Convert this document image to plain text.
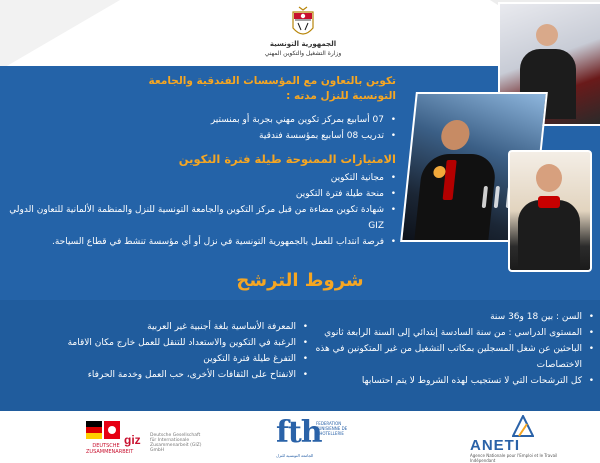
الجمهورية التونسية
وزارة التشغيل والتكوين المهني
تكوين بالتعاون مع المؤسسات الفندقية والجامعة
التونسية للنزل مدته :
• 07 أسابيع بمركز تكوين مهني بجربة أو بمنستير
• تدريب 08 أسابيع بمؤسسة فندقية
الامتيازات الممنوحة طيلة فترة التكوين
• مجانية التكوين
• منحة طيلة فترة التكوين
• شهادة تكوين مضاءة من قبل مركز التكوين والجامعة التونسية للنزل والمنظمة الألمانية للتعاون الدولي GIZ
• فرصة انتداب للعمل بالجمهورية التونسية في نزل أو أي مؤسسة تنشط في قطاع السياحة.
شروط الترشح
• السن : بين 18 و36 سنة
• المستوى الدراسي : من سنة السادسة إبتدائي إلى السنة الرابعة ثانوي
• الباحثين عن شغل المسجلين بمكاتب التشغيل من غير المتكونين في هذه الاختصاصات
• كل الترشحات التي لا تستجيب لهذه الشروط لا يتم احتسابها
• المعرفة الأساسية بلغة أجنبية غير العربية
• الرغبة في التكوين والاستعداد للتنقل للعمل خارج مكان الاقامة
• التفرغ طيلة فترة التكوين
• الانفتاح على الثقافات الأخرى، حب العمل وخدمة الحرفاء
DEUTSCHE ZUSAMMENARBEIT
giz Deutsche Gesellschaft für Internationale Zusammenarbeit (GIZ) GmbH
fth
FEDERATION TUNISIENNE DE L'HOTELLERIE
الجامعة التونسية للنزل
ANETI
Agence Nationale pour l'Emploi et le Travail Indépendant
